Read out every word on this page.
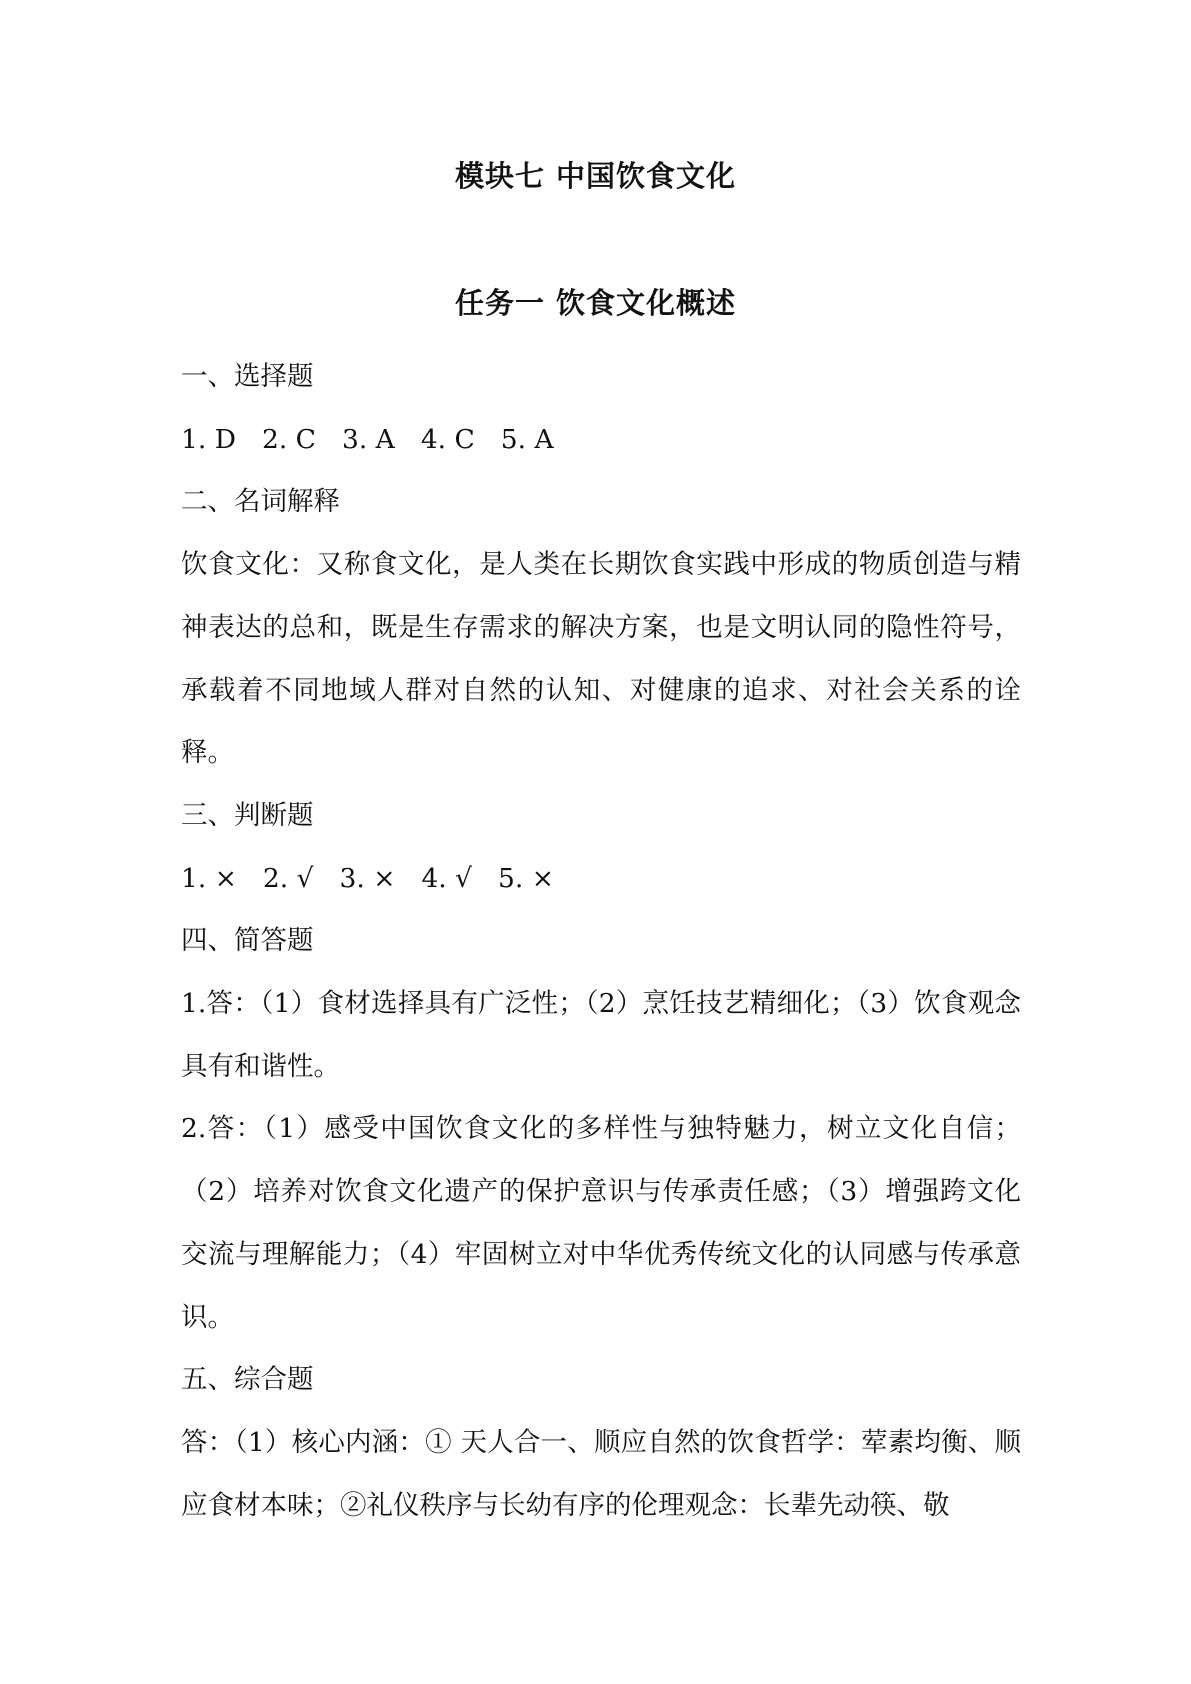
模块七 中国饮食文化
任务一 饮食文化概述

一、选择题

1. D 2. C 3. A 4. C 5. A

二、名词解释

饮食文化：又称食文化，是人类在长期饮食实践中形成的物质创造与精神表达的总和，既是生存需求的解决方案，也是文明认同的隐性符号，承载着不同地域人群对自然的认知、对健康的追求、对社会关系的诠释。

三、判断题

1. × 2. √ 3. × 4. √ 5. ×

四、简答题

1.答：（1）食材选择具有广泛性；（2）烹饪技艺精细化；（3）饮食观念具有和谐性。

2.答：（1）感受中国饮食文化的多样性与独特魅力，树立文化自信；（2）培养对饮食文化遗产的保护意识与传承责任感；（3）增强跨文化交流与理解能力；（4）牢固树立对中华优秀传统文化的认同感与传承意识。

五、综合题

答：（1）核心内涵：① 天人合一、顺应自然的饮食哲学：荤素均衡、顺应食材本味；②礼仪秩序与长幼有序的伦理观念：长辈先动筷、敬
